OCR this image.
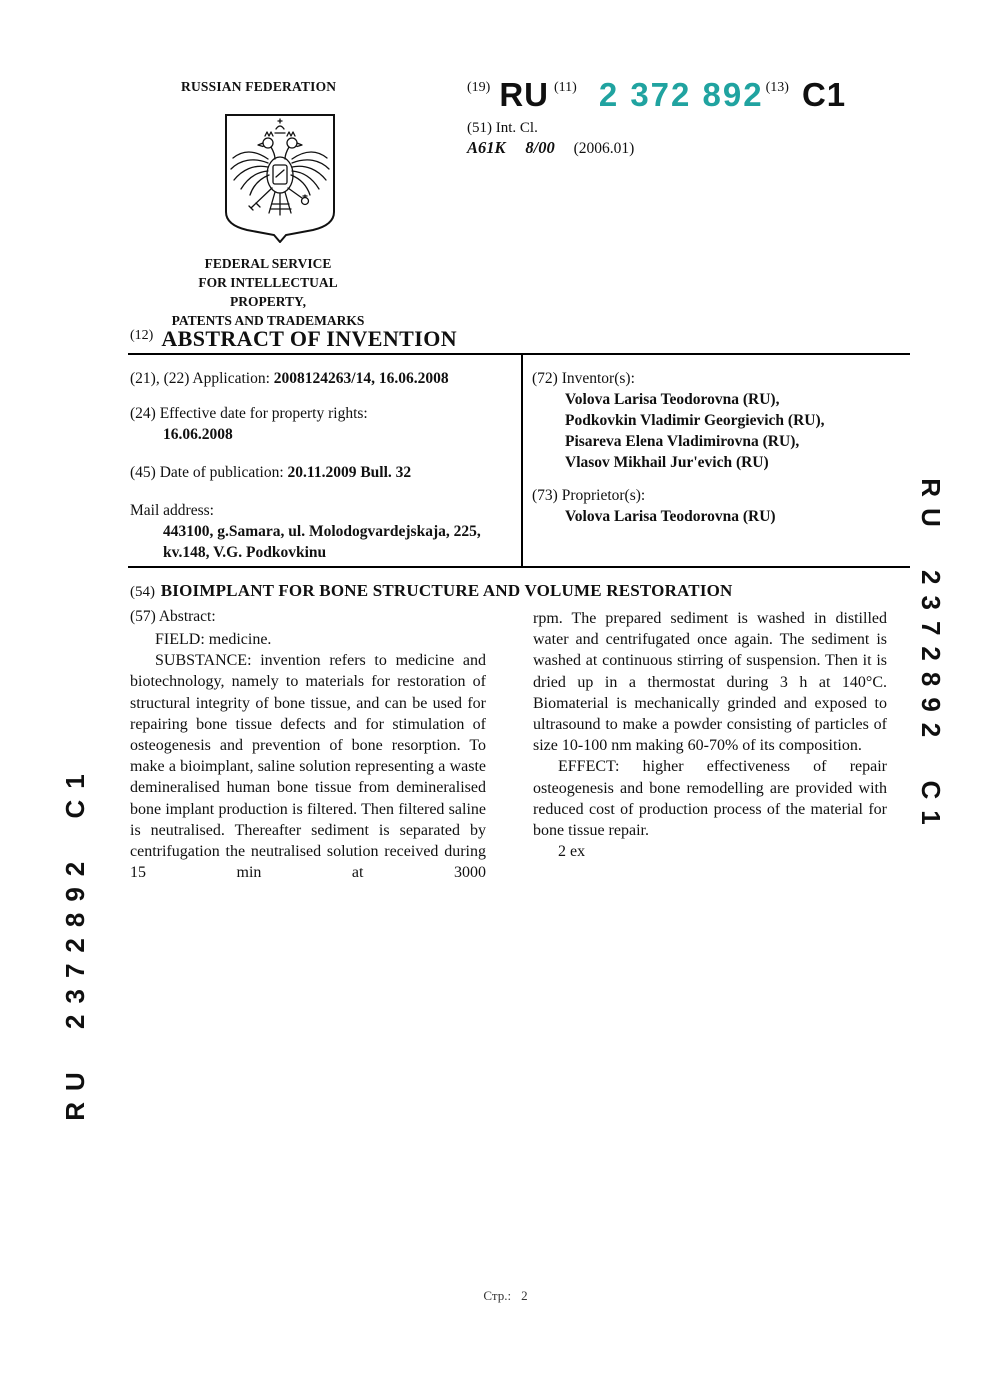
RUSSIAN FEDERATION
FEDERAL SERVICE
FOR INTELLECTUAL PROPERTY,
PATENTS AND TRADEMARKS
(19) RU (11) 2 372 892 (13) C1
(51) Int. Cl.
A61K 8/00 (2006.01)
(12) ABSTRACT OF INVENTION
(21), (22) Application: 2008124263/14, 16.06.2008
(24) Effective date for property rights:
16.06.2008
(45) Date of publication: 20.11.2009 Bull. 32
Mail address:
443100, g.Samara, ul. Molodogvardejskaja, 225,
kv.148, V.G. Podkovkinu
(72) Inventor(s):
Volova Larisa Teodorovna (RU),
Podkovkin Vladimir Georgievich (RU),
Pisareva Elena Vladimirovna (RU),
Vlasov Mikhail Jur'evich (RU)
(73) Proprietor(s):
Volova Larisa Teodorovna (RU)
(54) BIOIMPLANT FOR BONE STRUCTURE AND VOLUME RESTORATION
(57) Abstract:

FIELD: medicine.

SUBSTANCE: invention refers to medicine and biotechnology, namely to materials for restoration of structural integrity of bone tissue, and can be used for repairing bone tissue defects and for stimulation of osteogenesis and prevention of bone resorption. To make a bioimplant, saline solution representing a waste demineralised human bone tissue from demineralised bone implant production is filtered. Then filtered saline is neutralised. Thereafter sediment is separated by centrifugation the neutralised solution received during 15 min at 3000

rpm. The prepared sediment is washed in distilled water and centrifugated once again. The sediment is washed at continuous stirring of suspension. Then it is dried up in a thermostat during 3 h at 140°C. Biomaterial is mechanically grinded and exposed to ultrasound to make a powder consisting of particles of size 10-100 nm making 60-70% of its composition.

EFFECT: higher effectiveness of repair osteogenesis and bone remodelling are provided with reduced cost of production process of the material for bone tissue repair.

2 ex

RU 2372892 C1
RU 2372892 C1
Стр.: 2
